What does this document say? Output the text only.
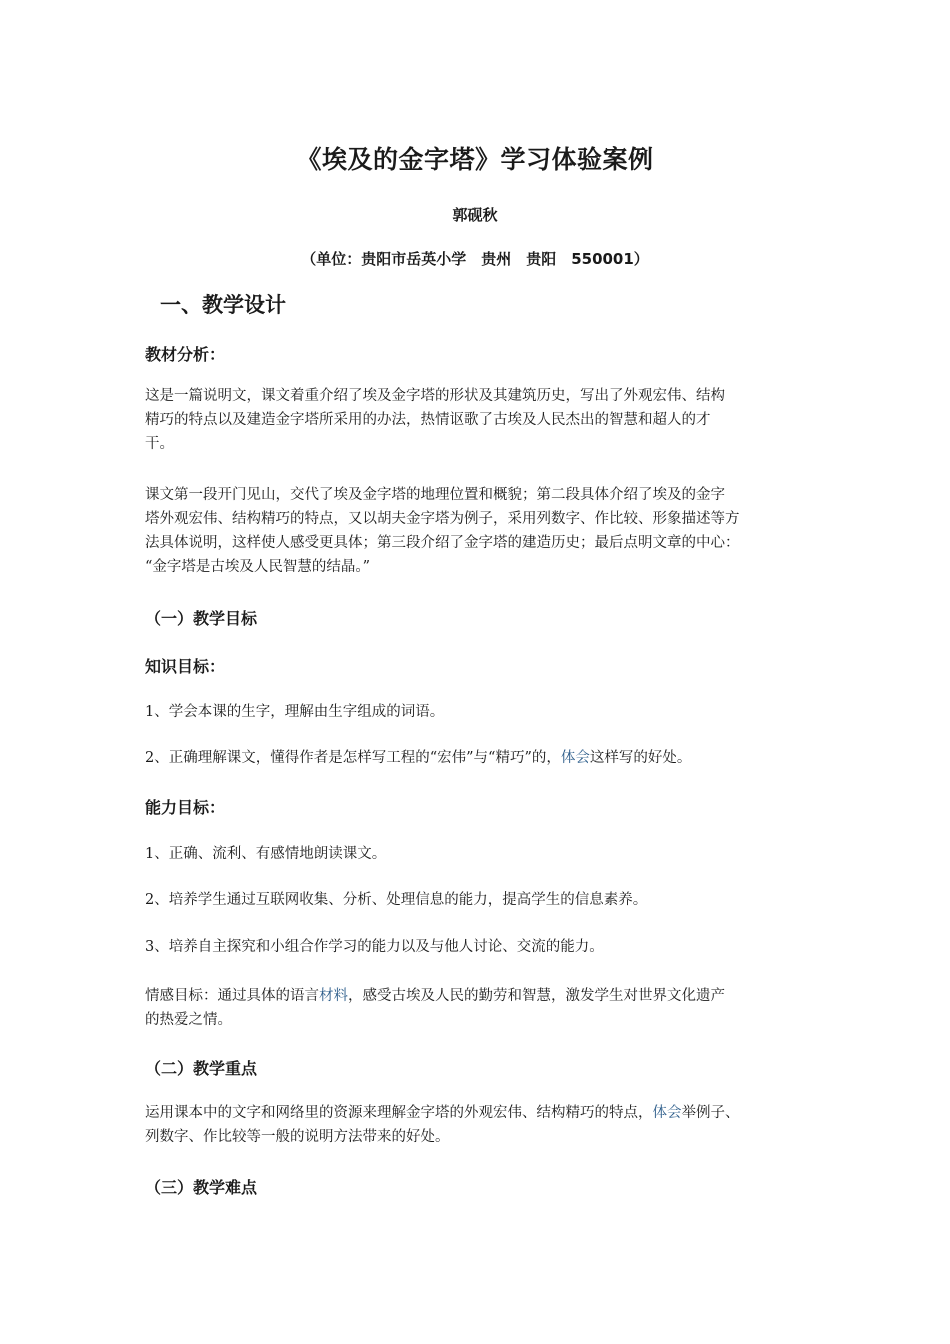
《埃及的金字塔》学习体验案例
郭砚秋
（单位：贵阳市岳英小学　贵州　贵阳　550001）
一、教学设计
教材分析：
这是一篇说明文，课文着重介绍了埃及金字塔的形状及其建筑历史，写出了外观宏伟、结构
精巧的特点以及建造金字塔所采用的办法，热情讴歌了古埃及人民杰出的智慧和超人的才
干。
课文第一段开门见山，交代了埃及金字塔的地理位置和概貌；第二段具体介绍了埃及的金字
塔外观宏伟、结构精巧的特点，又以胡夫金字塔为例子，采用列数字、作比较、形象描述等方
法具体说明，这样使人感受更具体；第三段介绍了金字塔的建造历史；最后点明文章的中心：
“金字塔是古埃及人民智慧的结晶。”
（一）教学目标
知识目标：
1、学会本课的生字，理解由生字组成的词语。
2、正确理解课文，懂得作者是怎样写工程的“宏伟”与“精巧”的，体会这样写的好处。
能力目标：
1、正确、流利、有感情地朗读课文。
2、培养学生通过互联网收集、分析、处理信息的能力，提高学生的信息素养。
3、培养自主探究和小组合作学习的能力以及与他人讨论、交流的能力。
情感目标：通过具体的语言材料，感受古埃及人民的勤劳和智慧，激发学生对世界文化遗产
的热爱之情。
（二）教学重点
运用课本中的文字和网络里的资源来理解金字塔的外观宏伟、结构精巧的特点，体会举例子、
列数字、作比较等一般的说明方法带来的好处。
（三）教学难点
